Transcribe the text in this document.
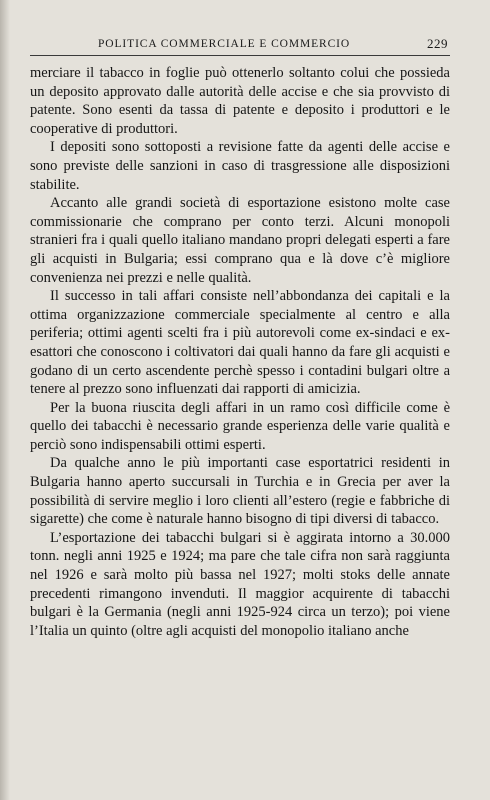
POLITICA COMMERCIALE E COMMERCIO	229

merciare il tabacco in foglie può ottenerlo soltanto colui che possieda un deposito approvato dalle autorità delle accise e che sia provvisto di patente. Sono esenti da tassa di patente e deposito i produttori e le cooperative di produttori.

I depositi sono sottoposti a revisione fatte da agenti delle accise e sono previste delle sanzioni in caso di trasgressione alle disposizioni stabilite.

Accanto alle grandi società di esportazione esistono molte case commissionarie che comprano per conto terzi. Alcuni monopoli stranieri fra i quali quello italiano mandano propri delegati esperti a fare gli acquisti in Bulgaria; essi comprano qua e là dove c’è migliore convenienza nei prezzi e nelle qualità.

Il successo in tali affari consiste nell’abbondanza dei capitali e la ottima organizzazione commerciale specialmente al centro e alla periferia; ottimi agenti scelti fra i più autorevoli come ex-sindaci e ex-esattori che conoscono i coltivatori dai quali hanno da fare gli acquisti e godano di un certo ascendente perchè spesso i contadini bulgari oltre a tenere al prezzo sono influenzati dai rapporti di amicizia.

Per la buona riuscita degli affari in un ramo così difficile come è quello dei tabacchi è necessario grande esperienza delle varie qualità e perciò sono indispensabili ottimi esperti.

Da qualche anno le più importanti case esportatrici residenti in Bulgaria hanno aperto succursali in Turchia e in Grecia per aver la possibilità di servire meglio i loro clienti all’estero (regie e fabbriche di sigarette) che come è naturale hanno bisogno di tipi diversi di tabacco.

L’esportazione dei tabacchi bulgari si è aggirata intorno a 30.000 tonn. negli anni 1925 e 1924; ma pare che tale cifra non sarà raggiunta nel 1926 e sarà molto più bassa nel 1927; molti stoks delle annate precedenti rimangono invenduti. Il maggior acquirente di tabacchi bulgari è la Germania (negli anni 1925-924 circa un terzo); poi viene l’Italia un quinto (oltre agli acquisti del monopolio italiano anche
